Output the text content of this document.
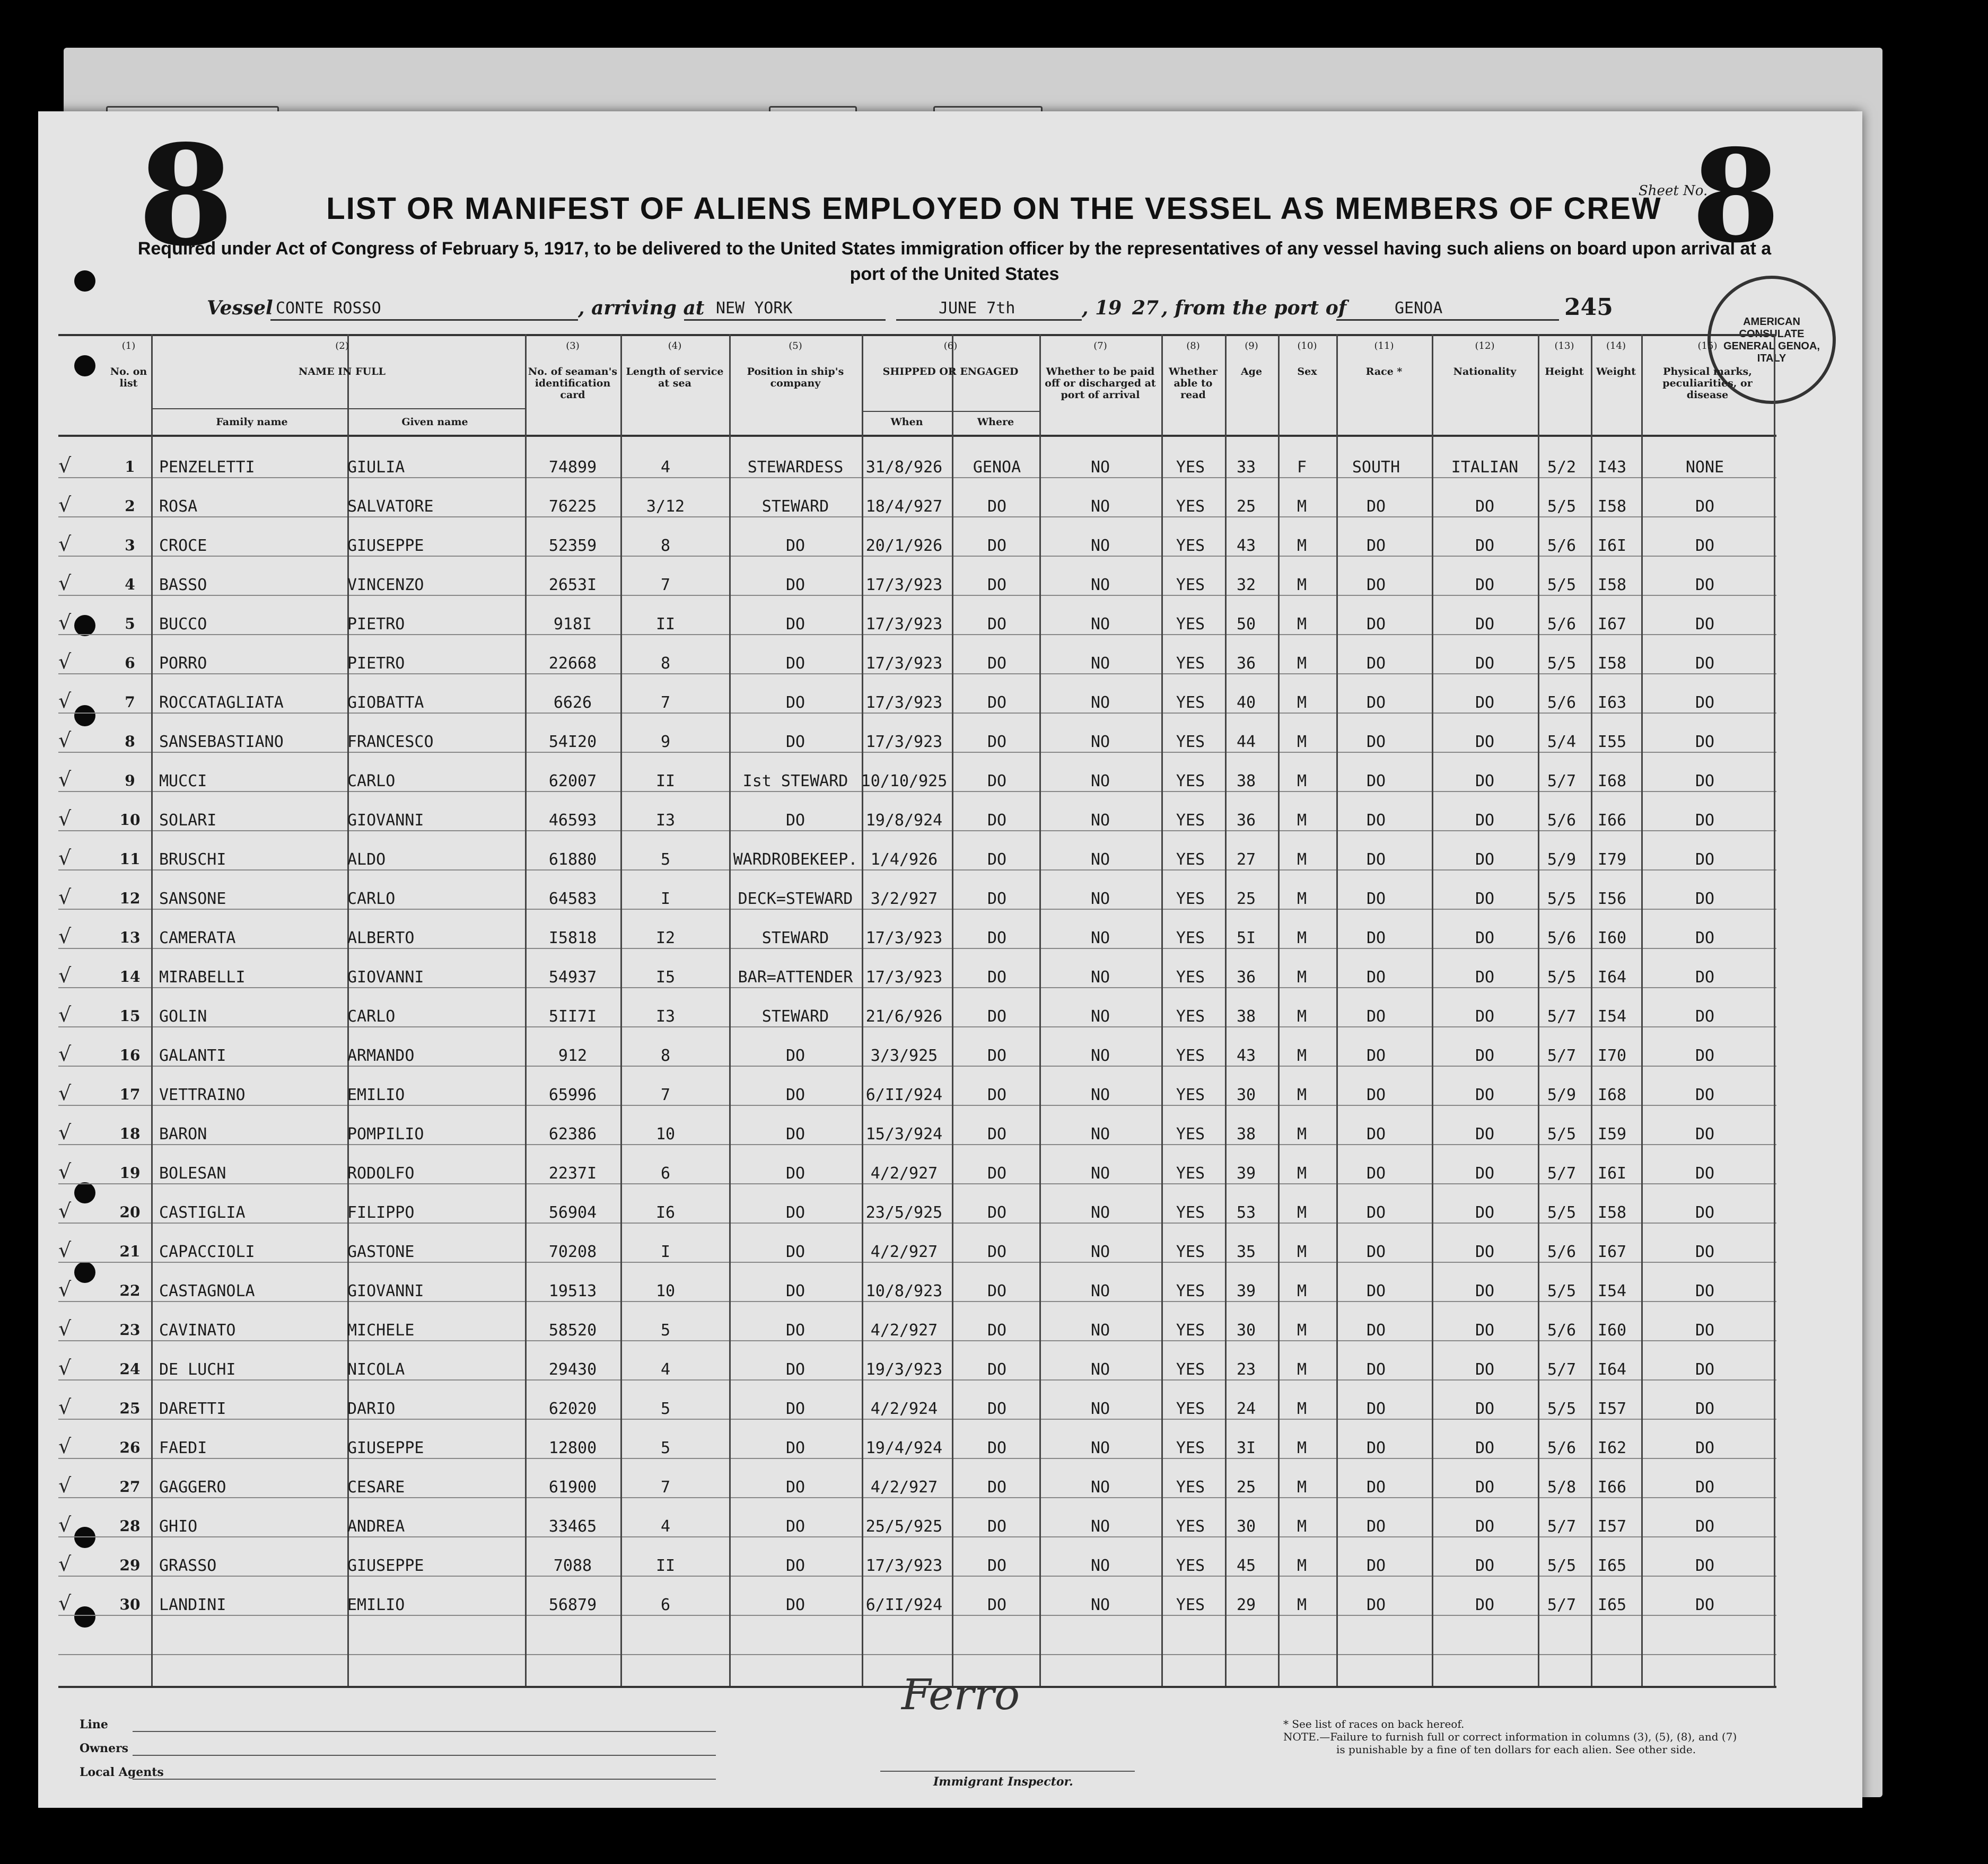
8	Sheet No.
8
LIST OR MANIFEST OF ALIENS EMPLOYED ON THE VESSEL AS MEMBERS OF CREW
Required under Act of Congress of February 5, 1917, to be delivered to the United States immigration officer by the representatives of any vessel having such aliens on board upon arrival at a
port of the United States
Vessel CONTE ROSSO	, arriving at NEW YORK	JUNE 7th	, 19 27 , from the port of	GENOA	245
AMERICAN CONSULATE GENERAL GENOA, ITALY
(1)
No. on list
(2)
NAME IN FULL
(3)
No. of seaman's identification card
(4)
Length of service at sea
(5)
Position in ship's company
(6)
SHIPPED OR ENGAGED
(7)
Whether to be paid off or discharged at port of arrival
(8)
Whether able to read
(9)
Age
(10)
Sex
(11)
Race *
(12)
Nationality
(13)
Height
(14)
Weight
(15)
Physical marks, peculiarities, or disease
Family name	Given name	When	Where
1	PENZELETTI	GIULIA	74899	4	STEWARDESS	31/8/926	GENOA	NO	YES	33	F	SOUTH	ITALIAN	5/2	I43	NONE
√
2	ROSA	SALVATORE	76225	3/12	STEWARD	18/4/927	DO	NO	YES	25	M	DO	DO	5/5	I58	DO
√
3	CROCE	GIUSEPPE	52359	8	DO	20/1/926	DO	NO	YES	43	M	DO	DO	5/6	I6I	DO
√
4	BASSO	VINCENZO	2653I	7	DO	17/3/923	DO	NO	YES	32	M	DO	DO	5/5	I58	DO
√
5	BUCCO	PIETRO	918I	II	DO	17/3/923	DO	NO	YES	50	M	DO	DO	5/6	I67	DO
√
6	PORRO	PIETRO	22668	8	DO	17/3/923	DO	NO	YES	36	M	DO	DO	5/5	I58	DO
√
7	ROCCATAGLIATA	GIOBATTA	6626	7	DO	17/3/923	DO	NO	YES	40	M	DO	DO	5/6	I63	DO
√
8	SANSEBASTIANO	FRANCESCO	54I20	9	DO	17/3/923	DO	NO	YES	44	M	DO	DO	5/4	I55	DO
√
9	MUCCI	CARLO	62007	II	Ist STEWARD 10/10/925	DO	NO	YES	38	M	DO	DO	5/7	I68	DO
√
10	SOLARI	GIOVANNI	46593	I3	DO	19/8/924	DO	NO	YES	36	M	DO	DO	5/6	I66	DO
√
11	BRUSCHI	ALDO	61880	5	WARDROBEKEEP. 1/4/926	DO	NO	YES	27	M	DO	DO	5/9	I79	DO
√
12	SANSONE	CARLO	64583	I	DECK=STEWARD	3/2/927	DO	NO	YES	25	M	DO	DO	5/5	I56	DO
√
13	CAMERATA	ALBERTO	I5818	I2	STEWARD	17/3/923	DO	NO	YES	5I	M	DO	DO	5/6	I60	DO
√
14	MIRABELLI	GIOVANNI	54937	I5	BAR=ATTENDER 17/3/923	DO	NO	YES	36	M	DO	DO	5/5	I64	DO
√
15	GOLIN	CARLO	5II7I	I3	STEWARD	21/6/926	DO	NO	YES	38	M	DO	DO	5/7	I54	DO
√
16	GALANTI	ARMANDO	912	8	DO	3/3/925	DO	NO	YES	43	M	DO	DO	5/7	I70	DO
√
17	VETTRAINO	EMILIO	65996	7	DO	6/II/924	DO	NO	YES	30	M	DO	DO	5/9	I68	DO
√
18	BARON	POMPILIO	62386	10	DO	15/3/924	DO	NO	YES	38	M	DO	DO	5/5	I59	DO
√
19	BOLESAN	RODOLFO	2237I	6	DO	4/2/927	DO	NO	YES	39	M	DO	DO	5/7	I6I	DO
√
20	CASTIGLIA	FILIPPO	56904	I6	DO	23/5/925	DO	NO	YES	53	M	DO	DO	5/5	I58	DO
√
21	CAPACCIOLI	GASTONE	70208	I	DO	4/2/927	DO	NO	YES	35	M	DO	DO	5/6	I67	DO
√
22	CASTAGNOLA	GIOVANNI	19513	10	DO	10/8/923	DO	NO	YES	39	M	DO	DO	5/5	I54	DO
√
23	CAVINATO	MICHELE	58520	5	DO	4/2/927	DO	NO	YES	30	M	DO	DO	5/6	I60	DO
√
24	DE LUCHI	NICOLA	29430	4	DO	19/3/923	DO	NO	YES	23	M	DO	DO	5/7	I64	DO
√
25	DARETTI	DARIO	62020	5	DO	4/2/924	DO	NO	YES	24	M	DO	DO	5/5	I57	DO
√
26	FAEDI	GIUSEPPE	12800	5	DO	19/4/924	DO	NO	YES	3I	M	DO	DO	5/6	I62	DO
√
27	GAGGERO	CESARE	61900	7	DO	4/2/927	DO	NO	YES	25	M	DO	DO	5/8	I66	DO
√
28	GHIO	ANDREA	33465	4	DO	25/5/925	DO	NO	YES	30	M	DO	DO	5/7	I57	DO
√
29	GRASSO	GIUSEPPE	7088	II	DO	17/3/923	DO	NO	YES	45	M	DO	DO	5/5	I65	DO
√
30	LANDINI	EMILIO	56879	6	DO	6/II/924	DO	NO	YES	29	M	DO	DO	5/7	I65	DO
√
Line
Owners
Local Agents
Ferro
Immigrant Inspector.
* See list of races on back hereof.
NOTE.—Failure to furnish full or correct information in columns (3), (5), (8), and (7)
is punishable by a fine of ten dollars for each alien. See other side.
